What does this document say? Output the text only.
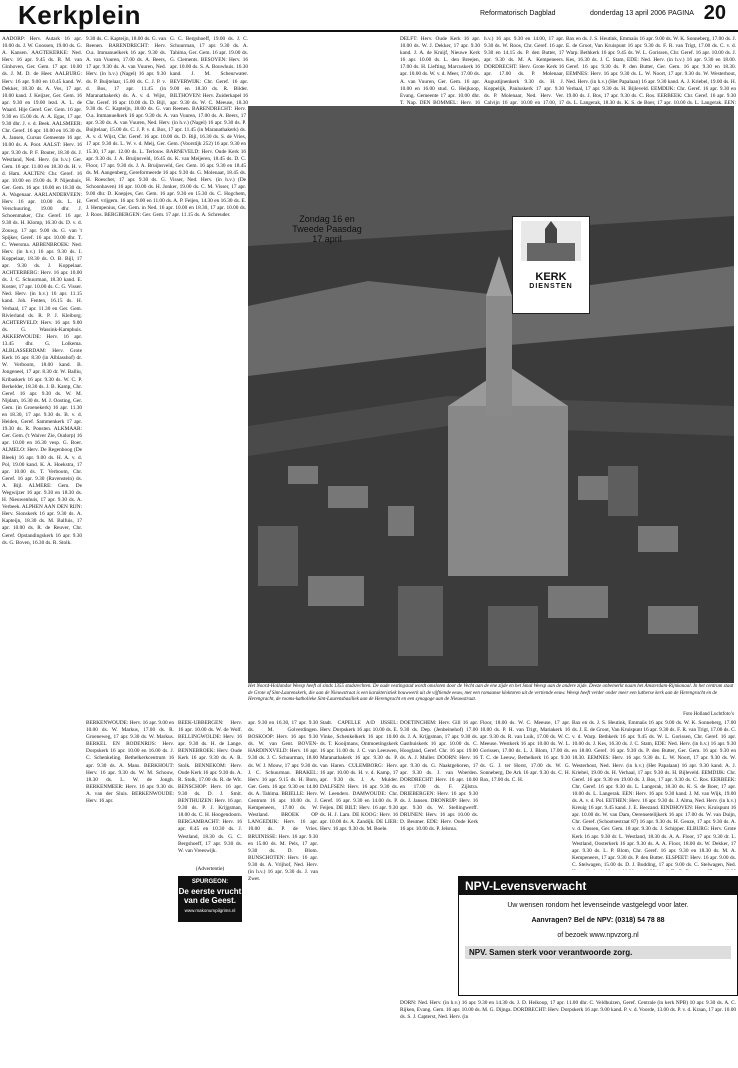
Kerkplein	Reformatorisch Dagblad	donderdag 13 april 2006 PAGINA 20
AADORP: Herv. Autark 16 apr. 10.00 ds. J. W. Goossen, 19.00 ds. G. A. Kansen. AAGTEKERKE: Ned. Herv. 16 apr. 9.45 ds. B. M. van Ginhoven, Ger. Gem. 17 apr. 10.00 ds. J. M. D. de Heer. AALBURG: Herv. 16 apr. 9.00 en 10.45 kand. W. Dekker, 18.30 ds. A. Vos, 17 apr. 10.00 kand. J. Keijzer, Ger. Gem. 16 apr. 9.30 en 19.00 lezd. A. L. de Waard. Hije Geref. Ger. Gem. 16 apr. 9.30 en 15.00 ds. A. A. Egas, 17 apr. 9.30 dhr. J. v. d. Beek. AALSMEER: Chr. Geref. 16 apr. 10.00 en 16.30 ds. A. Jansen, Cursus Gemeente 16 apr. 10.00 ds. A. Poot. AALST: Herv. 16 apr. 9.30 ds. P. F. Bouter, 18.30 ds. J. Westland, Ned. Herv. (in h.v.) Ger. Gem. 16 apr. 11.00 en 18.30 ds. H. v. d. Ham. AALTEN: Chr. Geref. 16 apr. 10.00 en 19.00 ds. P. Nijenhuis, Ger. Gem. 16 apr. 10.00 en 18.30 ds. A. Wagenaar. AARLANDERVEEN: Herv. 16 apr. 10.00 ds. L. H. Verschuuring, 19.00 dhr. J. Schoenmaker, Chr. Geref. 16 apr. 9.30 ds. H. Klomp, 16.30 ds. D. v. d. Zouwg. 17 apr. 9.00 ds. G. van 't Spijker, Geref. 16 apr. 10.00 dhr. T. C. Weersma. ABBENBROEK: Ned. Herv. (in h.v.) 16 apr. 9.30 ds. I. Koppelaar, 18.30 ds. O. B. Bijl, 17 apr. 9.30 ds. J. Koppelaar. ACHTERBERG: Herv. 16 apr. 10.00 ds. J. C. Schuurman, 18.30 kand. E. Koster, 17 apr. 10.00 ds. C. G. Visser. Ned. Herv. (in h.v.) 16 apr. 11.15 kand. Joh. Fenten, 16.15 ds. H. Verhaal, 17 apr. 11.30 en Ger. Gem. Rivierland ds. R. P. J. Kleiborg. ACHTERVELD: Herv. 16 apr. 9.00 ds. G. Wassink-Kamphuis. AKKERWOUDE: Herv. 16 apr. 13.45 dhr. G. Lolkema. ALBLASSERDAM: Herv. Grote Kerk 16 apr. 8.30 (in Alblasshof) dr. W. Verboom, 18.00 kand. B. Jongeneel, 17 apr. 8.30 dr. W. Balliu, Kribaskerk 16 apr. 9.30 ds. W. C. P. Berkelder, 18.30 ds. J. B. Kamp, Chr. Geref. 16 apr. 9.30 ds. W. M. Nijdam, 16.30 ds. M. J. Oosting, Ger. Gem. (in Groenekerk) 16 apr. 11.30 en 18.30, 17 apr. 9.30 ds. B. v. d. Heiden, Geref. Sammenkerk 17 apr. 19.30 ds. R. Ponsten. ALKMAAR: Ger. Gem. ('t Waiver Zie, Oudorp) 16 apr. 10.00 en 16.30 vesp. G. Boer. ALMELO: Herv. De Regenboog (De Bleek) 16 apr. 9.00 ds. H. A. v. d. Pol, 19.00 kand. K. A. Hoekstra, 17 apr. 10.00 ds. T. Verboom, Chr. Geref. 16 apr. 9.30 (Ravenstein) ds. A. Bijl. ALMERE: Gem. De Wegwijzer 16 apr. 9.30 en 18.30 ds. H. Nieuwenhuis, 17 apr. 9.30 ds. A. Verbeek. ALPHEN AAN DEN RIJN: Herv. Sionskerk 16 apr. 9.30 ds. A. Kapteijn, 18.30 ds. M. Balfuis, 17 apr. 10.00 ds. R. de Reuver, Chr. Geref. Opstandingskerk 16 apr. 9.30 ds. G. Boven, 16.30 ds. R. Stolk.
9.30 ds. C. Kapteijn, 18.00 ds. G. van Reenen. BARENDRECHT: Herv. O.a. Immanuelkerk 16 apr. 9.30 ds. A. van Vuuren, 17.00 ds. A. Beers, 17 apr. 9.30 ds. A. van Vuuren, Ned. Herv. (in h.v.) (Nagel) 16 apr. 9.30 ds. P. Buijtelaar, 15.00 ds. C. J. P. v. d. Bos, 17 apr. 11.45 (in Maranathakerk) ds. A. v. d. Wijst, Chr. Geref. 16 apr. 10.00 ds. D. Bijl,
G. C. Bergshoeff, 19.00 ds. J. C. Schuurman, 17 apr. 9.30 ds. A. Tahima, Ger. Gem. 16 apr. 19.00 ds. G. Clements. BESOYEN: Herv. 16 apr. 10.00 ds. S. A. Bouwhuis. 16.30 kand. J. M. Scheurwater. BEVERWIJK: Chr. Geref. 16 apr. 9.00 en 18.30 ds. R. Bilder. BILTHOVEN: Herv. Zuiderkapel 16 apr. 9.30 ds. W. C. Meeuse, 18.30
DELFT: Herv. Oude Kerk 16 apr. 10.00 ds. W. J. Dekker, 17 apr. 9.30 kand. J. A. de Kruijf, Nieuwe Kerk 16 apr. 10.00 ds. L. den Breejen, 17.00 ds. H. Liefting, Marcuskerk 16 apr. 10.00 ds. W. v. d. Meer, 17.00 ds. A. van Vuuren, Ger. Gem. 16 apr. 10.00 en 16.00 stud. G. Heijkoop, Evang. Gemeente 17 apr. 10.00 dhr. T. Nap. DEN BOMMEL: Herv. 16
h.v.) 16 apr. 9.30 en 14.00, 17 apr. 9.30 ds. W. Roos, Chr. Geref. 16 apr. 9.30 en 14.15 ds. P. den Butter, 17 apr. 9.30 ds. M. A. Kempeneers. DORDRECHT: Herv. Grote Kerk 16 apr. 17.00 ds. P. Molenaar, Augustijnenkerk 9.30 ds. H. J. Koppelijk, Pauluskerk 17 apr. 9.30 ds. P. Molenaar, Ned. Herv. Ver. Calvijn 16 apr. 10.00 en 17.00, 17
Bax en ds. J. S. Heutink, Emmaüs 16 apr. 9.00 ds. W. K. Sonneberg, 17.00 ds. J. E. de Groot, Van Kruispunt 16 apr. 9.30 ds. F. R. van Trigt, 17.00 ds. C. v. d. Warp. Bethkerk 16 apr. 9.45 ds. W. L. Gorissen, Chr. Geref. 16 apr. 10.00 ds. J. Kes, 16.30 ds. J. C. Stam, EDE: Ned. Herv. (in h.v.) 16 apr. 9.30 en 18.00. Geref. 16 apr. 9.30 ds. P. den Butter, Ger. Gem. 16 apr. 9.30 en 18.30. EEMNES: Herv. 16 apr. 9.30 ds. L. W. Noort, 17 apr. 9.30 ds. W. Westerhout, Ned. Herv. (in h.v.) (Het Papalaan) 16 apr. 9.30 kand. A. J. Kriebel, 19.00 ds. H. Verhaal, 17 apr. 9.30 ds. H. Bijleveld. EEMDIJK: Chr. Geref. 16 apr. 9.30 en 19.00 ds. J. Bos, 17 apr. 9.30 ds. C. Ros. EERBEEK: Chr. Geref. 16 apr. 9.30 ds. L. Langerak, 18.30 ds. K. S. de Boer, 17 apr. 10.00 ds. L. Langerak. EEN:
9.30 ds. C. Kapteijn, 18.00 ds. G. van Reenen. BARENDRECHT: Herv. O.a. Immanuelkerk 16 apr. 9.30 ds. A. van Vuuren, 17.00 ds. A. Beers, 17 apr. 9.30 ds. A. van Vuuren, Ned. Herv. (in h.v.) (Nagel) 16 apr. 9.30 ds. P. Buijtelaar, 15.00 ds. C. J. P. v. d. Bos, 17 apr. 11.45 (in Maranathakerk) ds. A. v. d. Wijst, Chr. Geref. 16 apr. 10.00 ds. D. Bijl, 16.30 ds. S. de Vries, 17 apr. 9.30 ds. L. W. v. d. Meij, Ger. Gem. (Voorstijk 252) 16 apr. 9.30 en 15.30, 17 apr. 12.00 ds. L. Terlouw. BARNEVELD: Herv. Oude Kerk 16 apr. 9.30 ds. J. A. Bruijnsveld, 16.45 ds. K. van Meijeren, 18.45 ds. D. C. Floor, 17 apr. 9.30 ds. J. A. Bruijnsveld, Ger. Gem. 16 apr. 9.30 en 18.45 ds. M. Aangenberg, Gereformeerde 16 apr. 9.30 ds. G. Molenaar, 18.45 ds. H. Roescher, 17 apr. 9.30 ds. G. Visser, Ned. Herv. (in h.v.) (De Schoonhaven) 16 apr. 10.00 ds. H. Jonker, 19.00 ds. C. M. Visser, 17 apr. 9.00 dhr. D. Knepjes, Ger. Gem. 16 apr. 9.30 en 15.30 ds. C. Hogchem, Geref. vrijgem. 16 apr. 9.00 en 11.00 ds. A. P. Feijen, 14.30 en 16.30 ds. E. J. Hempenius, Ger. Gem. in Ned. 16 apr. 10.00 en 18.30, 17 apr. 10.00 ds. J. Roos. BERGBERGEN: Ger. Gem. 17 apr. 11.15 ds. A. Schreuder.
KERK
DIENSTEN
Zondag 16 en Tweede Paasdag 17 april
Het Noord-Hollandse Weesp heeft al sinds 1355 stadsrechten. De oude vestingstad wordt omsloten door de Vecht aan de ene zijde en het Smal Weesp aan de andere zijde. Deeze onbemerkt naam het Amsterdam-Rijnkanaal. In het centrum staat de Grote of Sint-Laurenskerk, die aan de Nieuwstraat is een karakteristiek bouwwerk uit de vijftiende eeuw, met een romaanse kloktoren uit de vertiende eeuw. Weesp heeft verder onder meer een lutherse kerk aan de Herengracht en de Herengracht, de rooms-katholieke Sint-Laurensbasiliek aan de Herengracht en een synagoge aan de Nieuwstraat.
Foto Holland Luchtfoto’s
BERKENWOUDE: Herv. 16 apr. 9.00 en 10.00 ds. W. Markus, 17.00 ds. R. Groeneweg, 17 apr. 9.30 ds. W. Markus. BERKEL EN RODENRIJS: Herv. Dorpskerk 16 apr. 10.00 en 16.00 ds. J. C. Schenkeling. Bethelkerkcentrum 16 apr. 9.30 ds. A. Mans. BERKHOUT: Herv. 16 apr. 9.30 ds. W. M. Schouw, 18.30 ds. L. W. de Jongh. BERKENMEER: Herv. 16 apr. 9.30 ds. A. van der Sluis. BERKENWOUDE: Herv. 16 apr.
BEEK-UBBERGEN: Herv. 16 apr. 10.00 ds. W. de Wolf. BELLINGWOLDE: Herv. 16 apr. 9.30 ds. H. de Lange. BENNEBROEK: Herv. Oude Kerk 16 apr. 9.30 ds. A. R. Stolk. BENNEKOM: Herv. Oude Kerk 16 apr. 9.30 ds. A. R. Stolk, 17.00 ds. R. de Wit. BENSCHOP: Herv. 16 apr. 9.30 ds. D. J. Smit. BENTHUIZEN: Herv. 16 apr. 9.30 ds. P. J. Krijgsman, 18.00 ds. C. H. Hoogendoorn. BERGAMBACHT: Herv. 16 apr. 8.45 en 10.30 ds. J. Westland, 18.30 ds. G. C. Bergshoeff, 17 apr. 9.30 ds. W. van Vreeswijk.
apr. 9.30 en 16.30, 17 apr. 9.30 ds. M. Golverdingen. BOSKOOP: Herv. 16 apr. 9.30 ds. W. van Gent. BOVEN-HARDINXVELD: Herv. 16 apr. 9.30 ds. J. C. Schuurman, 18.00 ds. W. J. Mouw, 17 apr. 9.30 ds. J. C. Schuurman. BRAKEL: Herv. 16 apr. 9.15 ds. H. Born, Ger. Gem. 16 apr. 9.30 en 14.00 ds. A. Tahima. BRIELLE: Herv. Centrum 16 apr. 10.00 ds. J. Kempeneers, 17.00 ds. W. Westland. BROEK OP LANGEDIJK: Herv. 16 apr. 10.00 ds. P. de Vries. BRUINISSE: Herv. 16 apr. 9.30 en 15.00 ds. M. Pels, 17 apr. 9.30 ds. D. Blom. BUNSCHOTEN: Herv. 16 apr. 9.30 ds. A. Vrijhof, Ned. Herv. (in h.v.) 16 apr. 9.30 ds. J. van Zwet.
Stadt. CAPELLE A/D IJSSEL: Herv. Dorpskerk 16 apr. 10.00 ds. E. Vinke, Schenkelkerk 16 apr. 10.00 ds. T. Kooijmans, Ontmoetingskerk 16 apr. 11.00 ds. J. C. van Leeuwen, Maranathakerk 16 apr. 9.30 ds. P. van Haren. CULEMBORG: Herv. 16 apr. 10.00 ds. H. v. d. Kamp, 17 apr. 9.30 ds. J. A. Mulder. DALFSEN: Herv. 16 apr. 9.30 ds. W. Leenders. DAMWOUDE: Chr. Geref. 16 apr. 9.30 en 14.00 ds. P. Feijen. DE BILT: Herv. 16 apr. 9.30 ds. H. J. Lam. DE KOOG: Herv. 16 apr. 10.00 ds. A. Zandijk. DE LIER: Herv. 16 apr. 9.30 ds. M. Boele.
DOETINCHEM: Herv. Gill 16 apr. 9.30 ds. Dep. (Jenbeinehof) 17.00 ds. J. A. Krijgsman, 17 apr. 9.30 ds. Gasthuiskerk 16 apr. 10.00 ds. C. Hoogland, Geref. Chr. 16 apr. 19.00 ds. A. J. Muller. DOORN: Herv. 16 apr. 9.30 ds. G. Naaktgeboren, 17 apr. 9.30 ds. J. van Woerden. DORDRECHT: Herv. 16 apr. 10.00 en 17.00 ds. F. Zijlstra. DRIEBERGEN: Herv. 16 apr. 9.30 ds. J. Jansen. DRONRIJP: Herv. 16 apr. 9.30 ds. W. Stellingwerff. DRUNEN: Herv. 16 apr. 10.00 ds. D. Beumer. EDE: Herv. Oude Kerk 16 apr. 10.00 ds. P. Jelsma.
Floor, 18.00 ds. W. C. Meeuse, 17 apr. 10.00 ds. P. H. van Trigt, Mariakerk 16 apr. 9.30 ds. R. van Luik, 17.00 ds. W. C. Meeuse. Westkerk 16 apr. 10.00 ds. W. L. Gorissen, 17.00 ds. L. J. Blom, 17.00 ds. T. C. de Leeuw, Bethelkerk 16 apr. 9.30 ds. G. J. ter Horst, 17.00 ds. W. G. Sonneberg, De Ark 16 apr. 9.30 ds. C. H. Bax, 17.00 ds. C. H.
Bax en ds. J. S. Heutink, Emmaüs 16 apr. 9.00 ds. W. K. Sonneberg, 17.00 ds. J. E. de Groot, Van Kruispunt 16 apr. 9.30 ds. F. R. van Trigt, 17.00 ds. C. v. d. Warp. Bethkerk 16 apr. 9.45 ds. W. L. Gorissen, Chr. Geref. 16 apr. 10.00 ds. J. Kes, 16.30 ds. J. C. Stam, EDE: Ned. Herv. (in h.v.) 16 apr. 9.30 en 18.00. Geref. 16 apr. 9.30 ds. P. den Butter, Ger. Gem. 16 apr. 9.30 en 18.30. EEMNES: Herv. 16 apr. 9.30 ds. L. W. Noort, 17 apr. 9.30 ds. W. Westerhout, Ned. Herv. (in h.v.) (Het Papalaan) 16 apr. 9.30 kand. A. J. Kriebel, 19.00 ds. H. Verhaal, 17 apr. 9.30 ds. H. Bijleveld. EEMDIJK: Chr. Geref. 16 apr. 9.30 en 19.00 ds. J. Bos, 17 apr. 9.30 ds. C. Ros. EERBEEK: Chr. Geref. 16 apr. 9.30 ds. L. Langerak, 18.30 ds. K. S. de Boer, 17 apr. 10.00 ds. L. Langerak. EEN: Herv. 16 apr. 9.30 kand. J. M. van Wijk, 19.00 ds. A. v. d. Pol. EETHEN: Herv. 16 apr. 9.30 ds. J. Alma, Ned. Herv. (in h.v.) Kreuig 16 apr. 9.45 kand. J. E. Beezand. EINDHOVEN: Herv. Kruispunt 16 apr. 10.00 ds. W. van Dam, Oerensetelijkerk 16 apr. 17.00 ds. W. van Duijn, Chr. Geref. (Schootsestraat 87) 16 apr. 9.30 ds. H. Geuze, 17 apr. 9.30 ds. A. v. d. Dussen, Ger. Gem. 18 apr. 9.30 ds. J. Schipper. ELBURG: Herv. Grote Kerk 16 apr. 9.30 dr. L. Westland, 18.30 ds. A. A. Floor, 17 apr. 9.30 dr. L. Westland, Oosterkerk 16 apr. 9.30 ds. A. A. Floor, 18.00 ds. W. Dekker, 17 apr. 9.30 ds. L. P. Blom, Chr. Geref. 16 apr. 9.30 en 18.30 ds. M. A. Kempeneers, 17 apr. 9.30 ds. P. den Butter. ELSPEET: Herv. 16 apr. 9.00 ds. C. Stelwagen, 15.00 ds. D. J. Budding, 17 apr. 9.00 ds. C. Stelwagen, Ned.
DORN: Ned. Herv. (in h.v.) 16 apr. 9.30 en 14.30 ds. J. D. Heikoop, 17 apr. 11.00 dhr. C. Veldhuizen, Geref. Centrale (in kerk NPB) 10 apr. 9.30 ds. A. C. Rijken, Evang. Gem. 16 apr. 10.00 ds. M. G. Dijnga. DORDRECHT: Herv. Dorpskerk 16 apr. 9.00 kand. P. v. d. Voorde, 13.00 ds. P. v. d. Kraan, 17 apr. 10.00 ds. S. J. Capterst, Ned. Herv. (in
(Advertentie)
SPURGEON:
De eerste vrucht van de Geest.
www.makonumpilgrims.nl
NPV-Levensverwacht
Uw wensen rondom het levenseinde vastgelegd voor later.
Aanvragen? Bel de NPV: (0318) 54 78 88
of bezoek www.npvzorg.nl
NPV. Samen sterk voor verantwoorde zorg.
